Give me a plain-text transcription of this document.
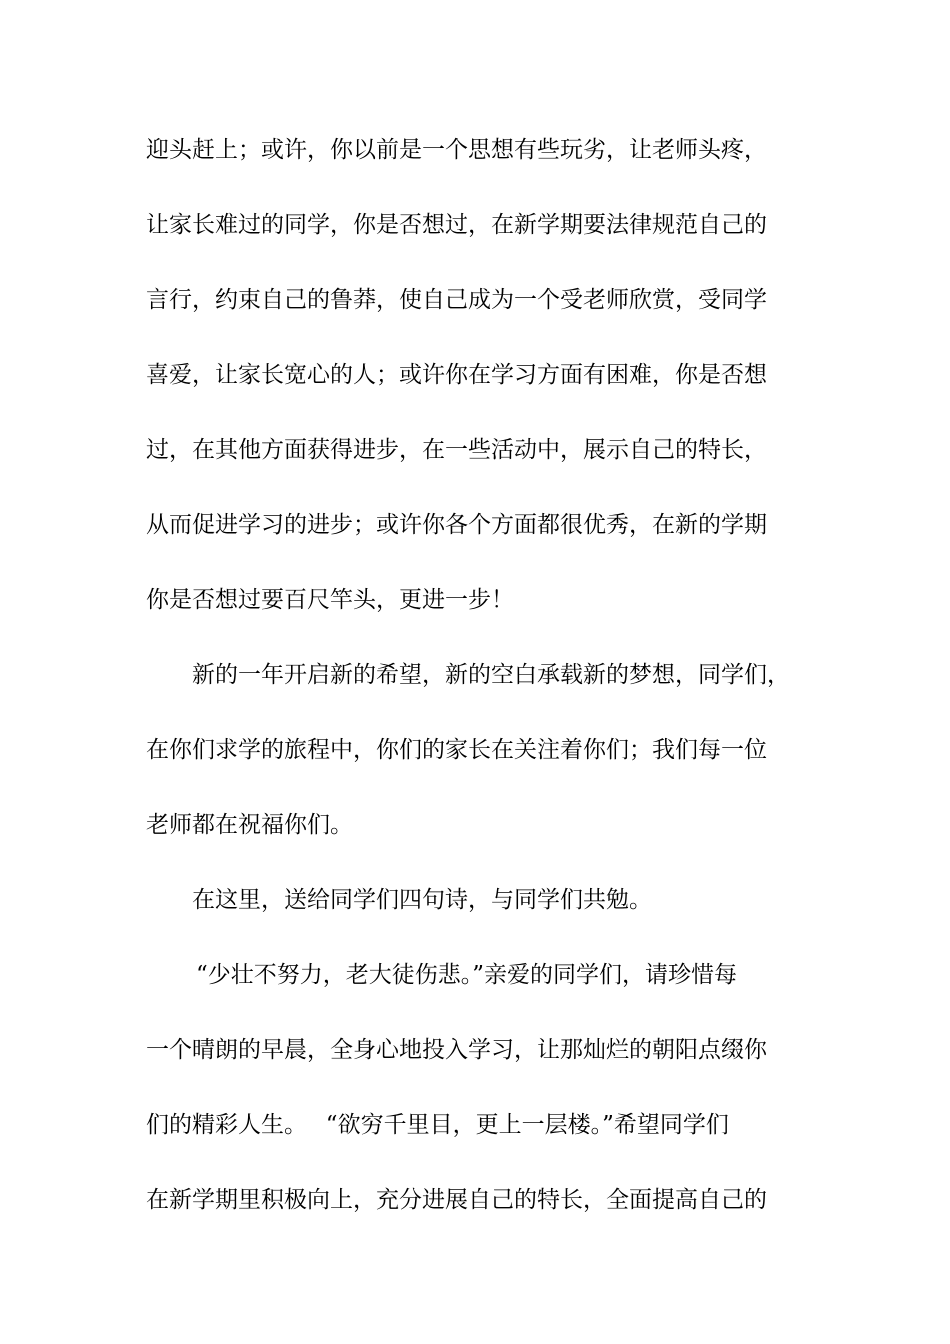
迎头赶上；或许，你以前是一个思想有些玩劣，让老师头疼，
让家长难过的同学，你是否想过，在新学期要法律规范自己的
言行，约束自己的鲁莽，使自己成为一个受老师欣赏，受同学
喜爱，让家长宽心的人；或许你在学习方面有困难，你是否想
过，在其他方面获得进步，在一些活动中，展示自己的特长，
从而促进学习的进步；或许你各个方面都很优秀，在新的学期
你是否想过要百尺竿头，更进一步！
新的一年开启新的希望，新的空白承载新的梦想，同学们，
在你们求学的旅程中，你们的家长在关注着你们；我们每一位
老师都在祝福你们。
在这里，送给同学们四句诗，与同学们共勉。
“少壮不努力，老大徒伤悲。”亲爱的同学们，请珍惜每
一个晴朗的早晨，全身心地投入学习，让那灿烂的朝阳点缀你
们的精彩人生。　 “欲穷千里目，更上一层楼。”希望同学们
在新学期里积极向上，充分进展自己的特长，全面提高自己的
